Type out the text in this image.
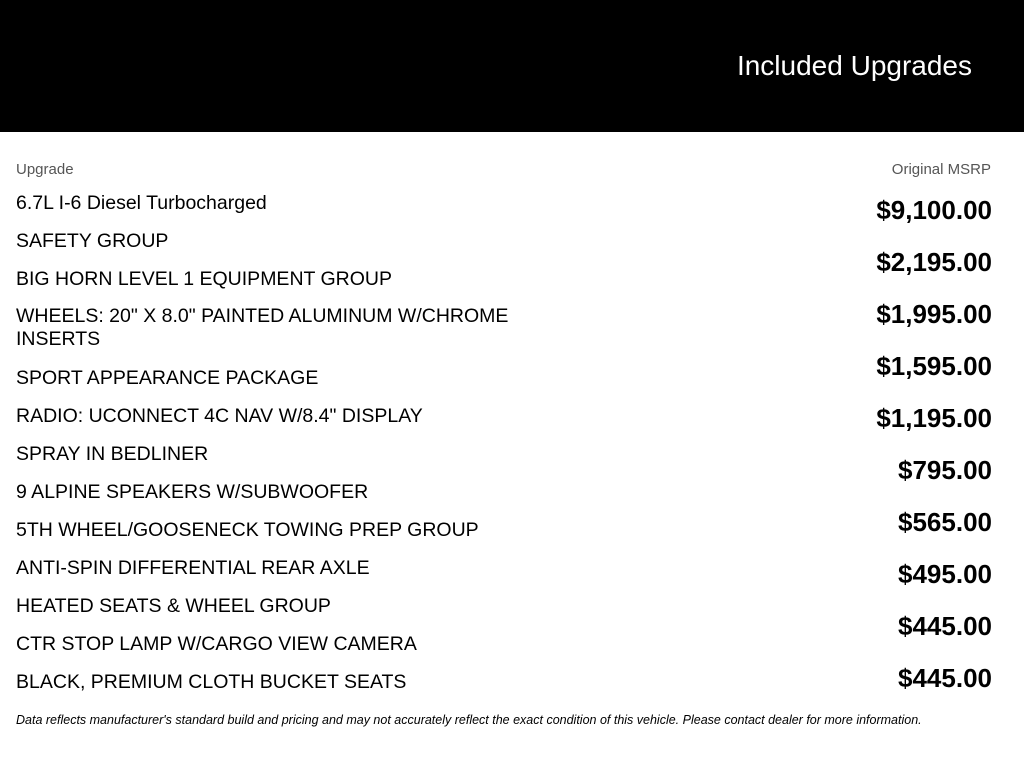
Included Upgrades
Upgrade	Original MSRP
6.7L I-6 Diesel Turbocharged
SAFETY GROUP
BIG HORN LEVEL 1 EQUIPMENT GROUP
WHEELS: 20" X 8.0" PAINTED ALUMINUM W/CHROME INSERTS
SPORT APPEARANCE PACKAGE
RADIO: UCONNECT 4C NAV W/8.4" DISPLAY
SPRAY IN BEDLINER
9 ALPINE SPEAKERS W/SUBWOOFER
5TH WHEEL/GOOSENECK TOWING PREP GROUP
ANTI-SPIN DIFFERENTIAL REAR AXLE
HEATED SEATS & WHEEL GROUP
CTR STOP LAMP W/CARGO VIEW CAMERA
BLACK, PREMIUM CLOTH BUCKET SEATS
$9,100.00
$2,195.00
$1,995.00
$1,595.00
$1,195.00
$795.00
$565.00
$495.00
$445.00
$445.00
Data reflects manufacturer's standard build and pricing and may not accurately reflect the exact condition of this vehicle. Please contact dealer for more information.
